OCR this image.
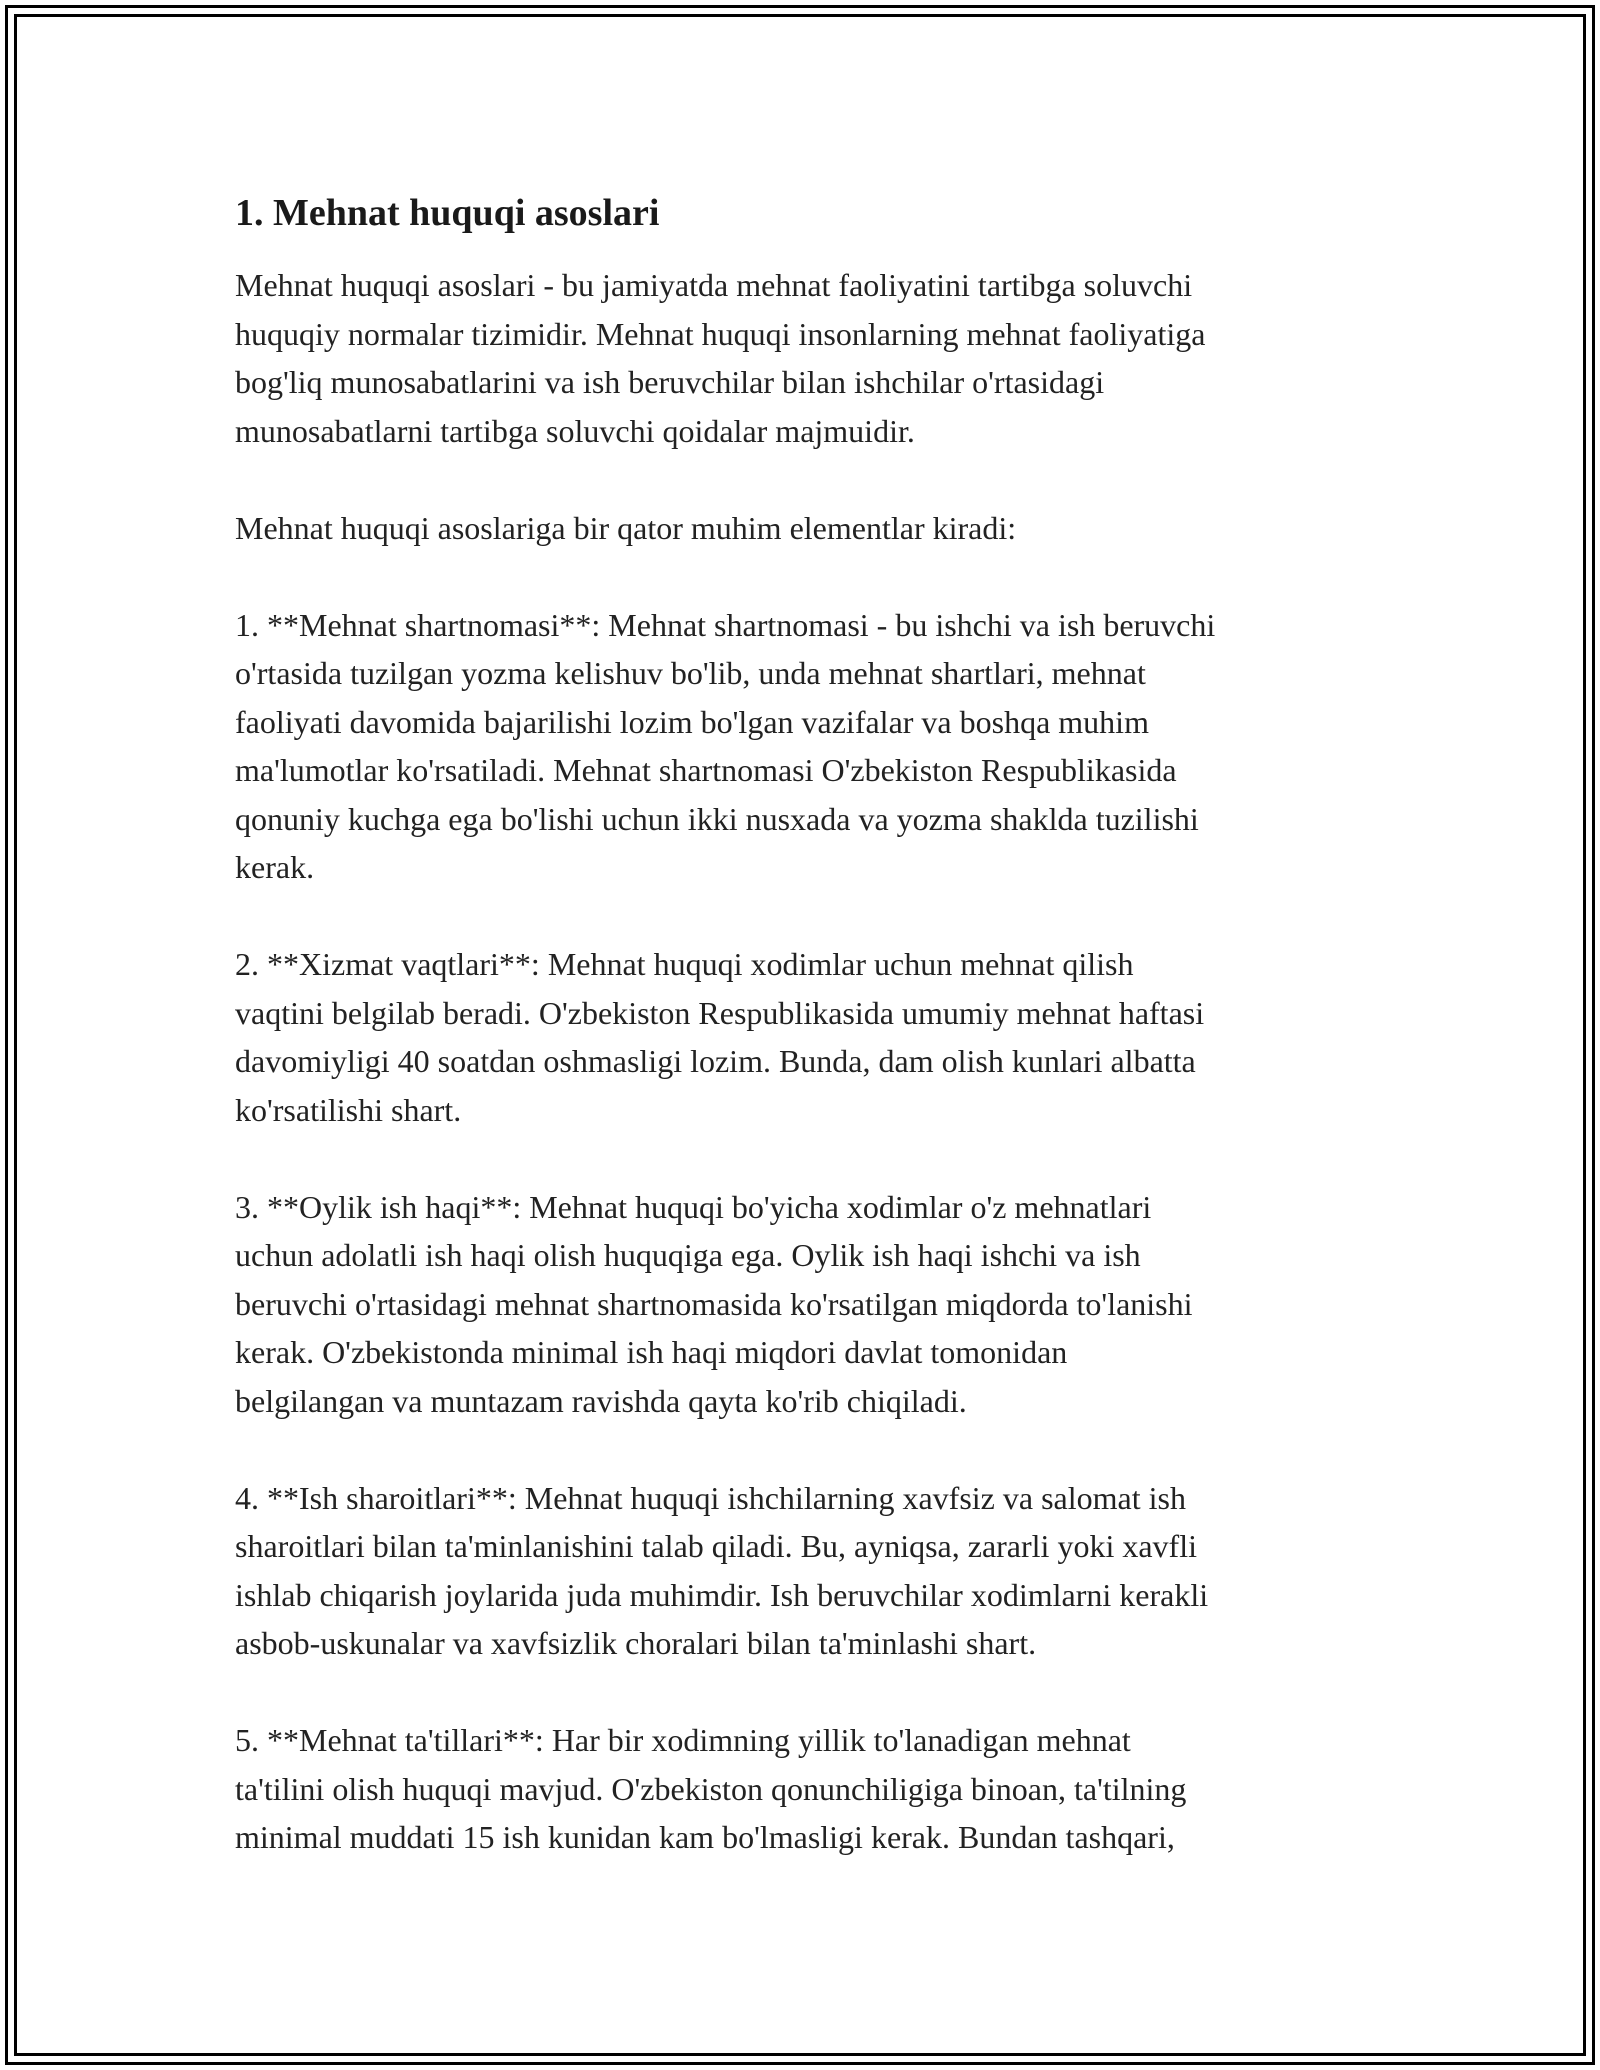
1. Mehnat huquqi asoslari
Mehnat huquqi asoslari - bu jamiyatda mehnat faoliyatini tartibga soluvchi
huquqiy normalar tizimidir. Mehnat huquqi insonlarning mehnat faoliyatiga
bog'liq munosabatlarini va ish beruvchilar bilan ishchilar o'rtasidagi
munosabatlarni tartibga soluvchi qoidalar majmuidir.
Mehnat huquqi asoslariga bir qator muhim elementlar kiradi:
1. **Mehnat shartnomasi**: Mehnat shartnomasi - bu ishchi va ish beruvchi
o'rtasida tuzilgan yozma kelishuv bo'lib, unda mehnat shartlari, mehnat
faoliyati davomida bajarilishi lozim bo'lgan vazifalar va boshqa muhim
ma'lumotlar ko'rsatiladi. Mehnat shartnomasi O'zbekiston Respublikasida
qonuniy kuchga ega bo'lishi uchun ikki nusxada va yozma shaklda tuzilishi
kerak.
2. **Xizmat vaqtlari**: Mehnat huquqi xodimlar uchun mehnat qilish
vaqtini belgilab beradi. O'zbekiston Respublikasida umumiy mehnat haftasi
davomiyligi 40 soatdan oshmasligi lozim. Bunda, dam olish kunlari albatta
ko'rsatilishi shart.
3. **Oylik ish haqi**: Mehnat huquqi bo'yicha xodimlar o'z mehnatlari
uchun adolatli ish haqi olish huquqiga ega. Oylik ish haqi ishchi va ish
beruvchi o'rtasidagi mehnat shartnomasida ko'rsatilgan miqdorda to'lanishi
kerak. O'zbekistonda minimal ish haqi miqdori davlat tomonidan
belgilangan va muntazam ravishda qayta ko'rib chiqiladi.
4. **Ish sharoitlari**: Mehnat huquqi ishchilarning xavfsiz va salomat ish
sharoitlari bilan ta'minlanishini talab qiladi. Bu, ayniqsa, zararli yoki xavfli
ishlab chiqarish joylarida juda muhimdir. Ish beruvchilar xodimlarni kerakli
asbob-uskunalar va xavfsizlik choralari bilan ta'minlashi shart.
5. **Mehnat ta'tillari**: Har bir xodimning yillik to'lanadigan mehnat
ta'tilini olish huquqi mavjud. O'zbekiston qonunchiligiga binoan, ta'tilning
minimal muddati 15 ish kunidan kam bo'lmasligi kerak. Bundan tashqari,
